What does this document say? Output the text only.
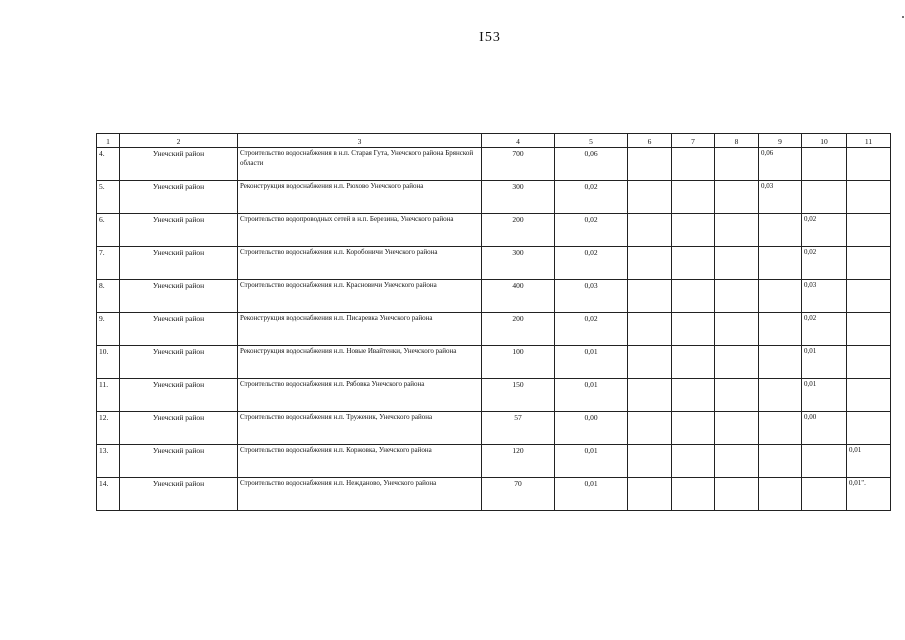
I53
1	2	3	4	5	6	7	8	9	10	11
4.	Унечский район	Строительство водоснабжения в н.п. Старая Гута, Унечского района Брянской области	700	0,06				0,06		
5.	Унечский район	Реконструкция водоснабжения н.п. Рюхово Унечского района	300	0,02				0,03		
6.	Унечский район	Строительство водопроводных сетей в н.п. Березина, Унечского района	200	0,02					0,02	
7.	Унечский район	Строительство водоснабжения н.п. Коробоничи Унечского района	300	0,02					0,02	
8.	Унечский район	Строительство водоснабжения н.п. Красновичи Унечского района	400	0,03					0,03	
9.	Унечский район	Реконструкция водоснабжения н.п. Писаревка Унечского района	200	0,02					0,02	
10.	Унечский район	Реконструкция водоснабжения н.п. Новые Ивайтенки, Унечского района	100	0,01					0,01	
11.	Унечский район	Строительство водоснабжения н.п. Рябовка Унечского района	150	0,01					0,01	
12.	Унечский район	Строительство водоснабжения н.п. Труженик, Унечского района	57	0,00					0,00	
13.	Унечский район	Строительство водоснабжения н.п. Коржовка, Унечского района	120	0,01						0,01
14.	Унечский район	Строительство водоснабжения н.п. Нежданово, Унечского района	70	0,01						0,01".
